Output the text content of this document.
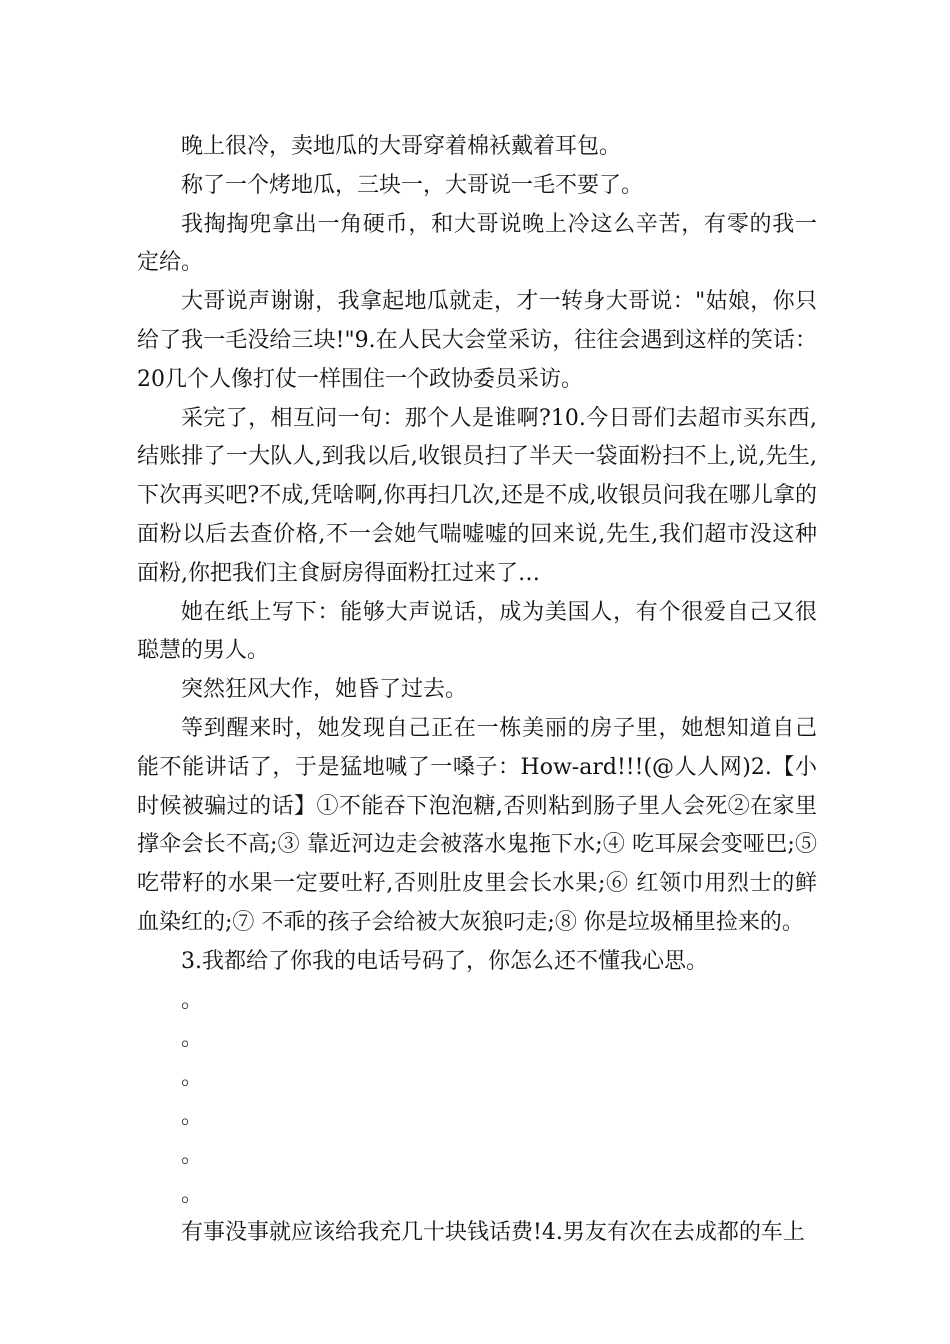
晚上很冷，卖地瓜的大哥穿着棉袄戴着耳包。

称了一个烤地瓜，三块一，大哥说一毛不要了。

我掏掏兜拿出一角硬币，和大哥说晚上冷这么辛苦，有零的我一定给。

大哥说声谢谢，我拿起地瓜就走，才一转身大哥说："姑娘，你只给了我一毛没给三块!"9.在人民大会堂采访，往往会遇到这样的笑话：20几个人像打仗一样围住一个政协委员采访。

采完了，相互问一句：那个人是谁啊?10.今日哥们去超市买东西,结账排了一大队人,到我以后,收银员扫了半天一袋面粉扫不上,说,先生,下次再买吧?不成,凭啥啊,你再扫几次,还是不成,收银员问我在哪儿拿的面粉以后去查价格,不一会她气喘嘘嘘的回来说,先生,我们超市没这种面粉,你把我们主食厨房得面粉扛过来了…

她在纸上写下：能够大声说话，成为美国人，有个很爱自己又很聪慧的男人。

突然狂风大作，她昏了过去。

等到醒来时，她发现自己正在一栋美丽的房子里，她想知道自己能不能讲话了，于是猛地喊了一嗓子：How-ard!!!(@人人网)2.【小时候被骗过的话】①不能吞下泡泡糖,否则粘到肠子里人会死②在家里撑伞会长不高;③ 靠近河边走会被落水鬼拖下水;④ 吃耳屎会变哑巴;⑤ 吃带籽的水果一定要吐籽,否则肚皮里会长水果;⑥ 红领巾用烈士的鲜血染红的;⑦ 不乖的孩子会给被大灰狼叼走;⑧ 你是垃圾桶里捡来的。

3.我都给了你我的电话号码了，你怎么还不懂我心思。

。

。

。

。

。

。

有事没事就应该给我充几十块钱话费!4.男友有次在去成都的车上
